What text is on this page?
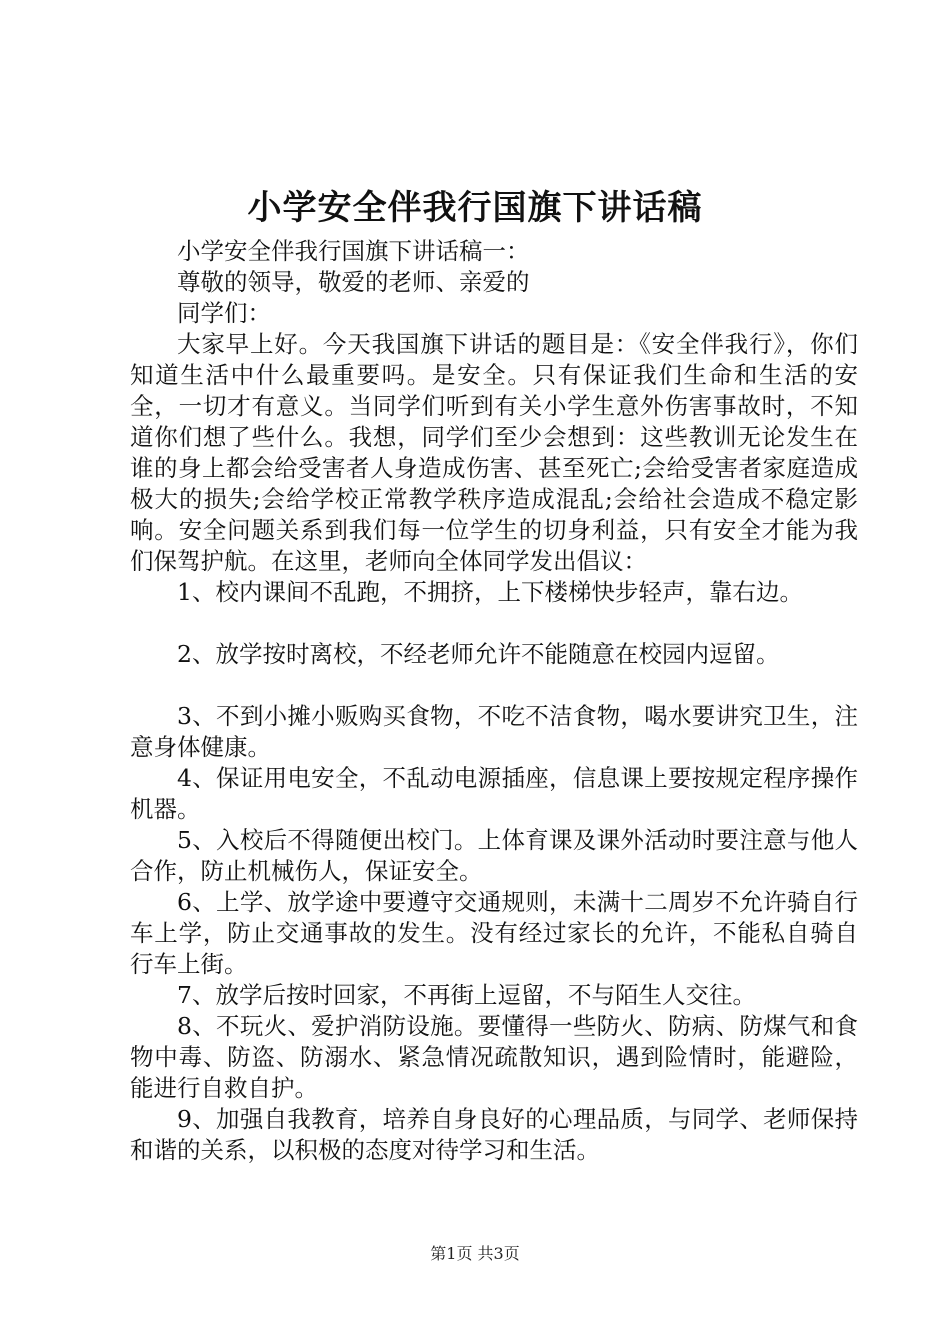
小学安全伴我行国旗下讲话稿

小学安全伴我行国旗下讲话稿一：

尊敬的领导，敬爱的老师、亲爱的

同学们：

大家早上好。今天我国旗下讲话的题目是：《安全伴我行》，你们知道生活中什么最重要吗。是安全。只有保证我们生命和生活的安全，一切才有意义。当同学们听到有关小学生意外伤害事故时，不知道你们想了些什么。我想，同学们至少会想到：这些教训无论发生在谁的身上都会给受害者人身造成伤害、甚至死亡;会给受害者家庭造成极大的损失;会给学校正常教学秩序造成混乱;会给社会造成不稳定影响。安全问题关系到我们每一位学生的切身利益，只有安全才能为我们保驾护航。在这里，老师向全体同学发出倡议：

1、校内课间不乱跑，不拥挤，上下楼梯快步轻声，靠右边。

2、放学按时离校，不经老师允许不能随意在校园内逗留。

3、不到小摊小贩购买食物，不吃不洁食物，喝水要讲究卫生，注意身体健康。

4、保证用电安全，不乱动电源插座，信息课上要按规定程序操作机器。

5、入校后不得随便出校门。上体育课及课外活动时要注意与他人合作，防止机械伤人，保证安全。

6、上学、放学途中要遵守交通规则，未满十二周岁不允许骑自行车上学，防止交通事故的发生。没有经过家长的允许，不能私自骑自行车上街。

7、放学后按时回家，不再街上逗留，不与陌生人交往。

8、不玩火、爱护消防设施。要懂得一些防火、防病、防煤气和食物中毒、防盗、防溺水、紧急情况疏散知识，遇到险情时，能避险，能进行自救自护。

9、加强自我教育，培养自身良好的心理品质，与同学、老师保持和谐的关系，以积极的态度对待学习和生活。

第1页 共3页
